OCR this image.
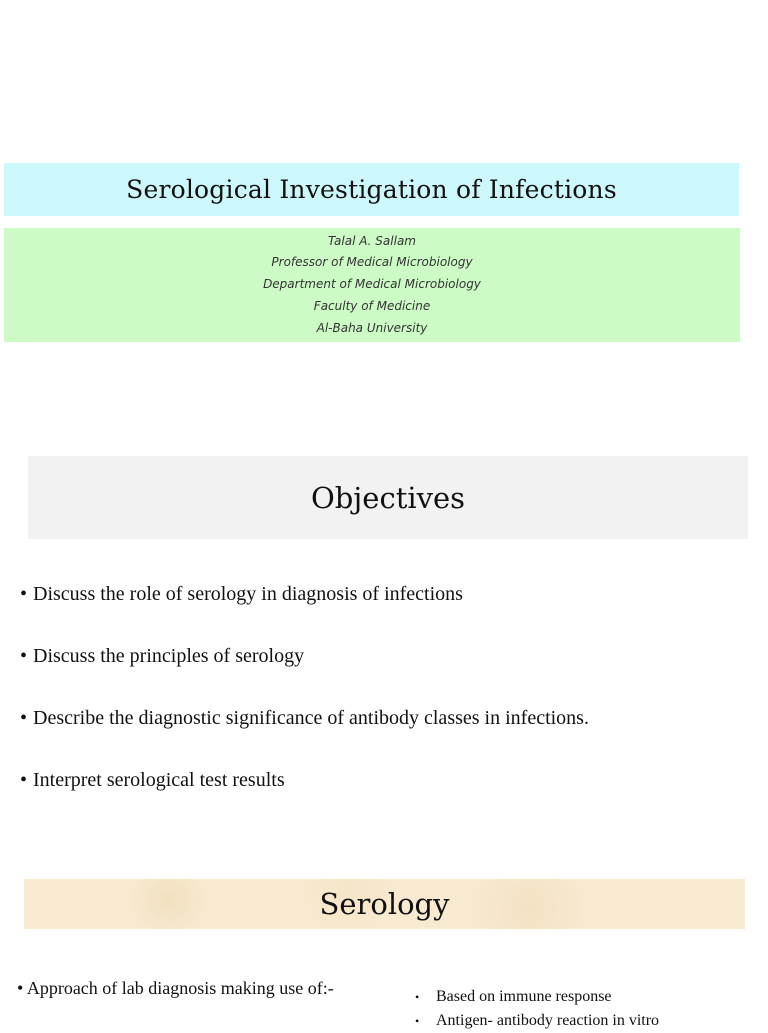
Serological Investigation of Infections
Talal A. Sallam
Professor of Medical Microbiology
Department of Medical Microbiology
Faculty of Medicine
Al-Baha University
Objectives
• Discuss the role of serology in diagnosis of infections
• Discuss the principles of serology
• Describe the diagnostic significance of antibody classes in infections.
• Interpret serological test results
Serology
• Approach of lab diagnosis making use of:-	• Based on immune response
• Antigen- antibody reaction in vitro
